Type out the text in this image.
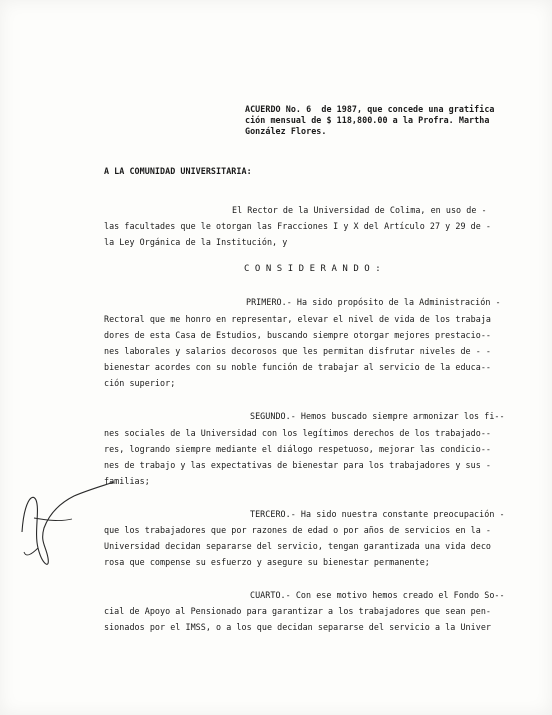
ACUERDO No. 6  de 1987, que concede una gratifica
ción mensual de $ 118,800.00 a la Profra. Martha
González Flores.
A LA COMUNIDAD UNIVERSITARIA:
El Rector de la Universidad de Colima, en uso de -
las facultades que le otorgan las Fracciones I y X del Artículo 27 y 29 de -
la Ley Orgánica de la Institución, y
C O N S I D E R A N D O :
PRIMERO.- Ha sido propósito de la Administración -
Rectoral que me honro en representar, elevar el nivel de vida de los trabaja
dores de esta Casa de Estudios, buscando siempre otorgar mejores prestacio--
nes laborales y salarios decorosos que les permitan disfrutar niveles de - -
bienestar acordes con su noble función de trabajar al servicio de la educa--
ción superior;
SEGUNDO.- Hemos buscado siempre armonizar los fi--
nes sociales de la Universidad con los legítimos derechos de los trabajado--
res, logrando siempre mediante el diálogo respetuoso, mejorar las condicio--
nes de trabajo y las expectativas de bienestar para los trabajadores y sus -
familias;
TERCERO.- Ha sido nuestra constante preocupación -
que los trabajadores que por razones de edad o por años de servicios en la -
Universidad decidan separarse del servicio, tengan garantizada una vida deco
rosa que compense su esfuerzo y asegure su bienestar permanente;
CUARTO.- Con ese motivo hemos creado el Fondo So--
cial de Apoyo al Pensionado para garantizar a los trabajadores que sean pen-
sionados por el IMSS, o a los que decidan separarse del servicio a la Univer
